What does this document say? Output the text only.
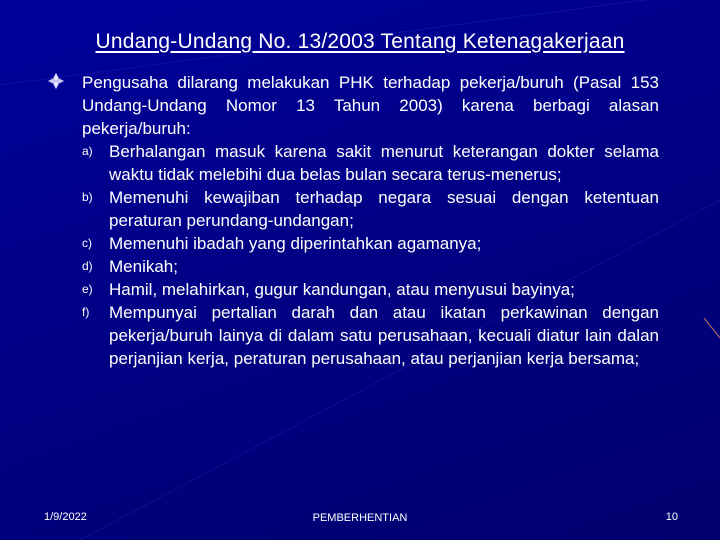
Undang-Undang No. 13/2003 Tentang Ketenagakerjaan
Pengusaha dilarang melakukan PHK terhadap pekerja/buruh (Pasal 153 Undang-Undang Nomor 13 Tahun 2003) karena berbagi alasan pekerja/buruh:
a) Berhalangan masuk karena sakit menurut keterangan dokter selama waktu tidak melebihi dua belas bulan secara terus-menerus;
b) Memenuhi kewajiban terhadap negara sesuai dengan ketentuan peraturan perundang-undangan;
c)	Memenuhi ibadah yang diperintahkan agamanya;
d) Menikah;
e) Hamil, melahirkan, gugur kandungan, atau menyusui bayinya;
f)	Mempunyai pertalian darah dan atau ikatan perkawinan dengan pekerja/buruh lainya di dalam satu perusahaan, kecuali diatur lain dalan perjanjian kerja, peraturan perusahaan, atau perjanjian kerja bersama;
1/9/2022	PEMBERHENTIAN	10
